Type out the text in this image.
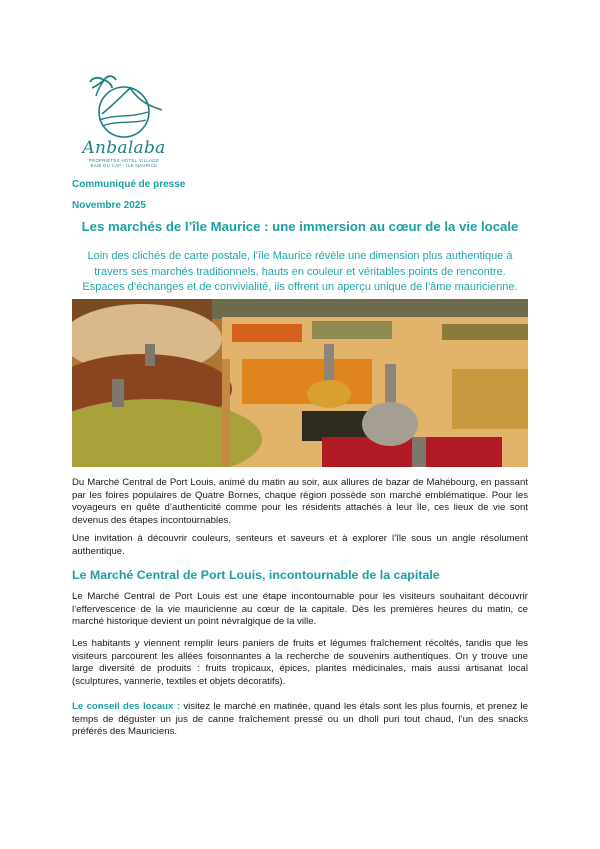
Anbalaba
PROPRIÉTÉS HOTEL VILLAGE
BAIE DU CAP · ÎLE MAURICE
Communiqué de presse
Novembre 2025
Les marchés de l’île Maurice : une immersion au cœur de la vie locale
Loin des clichés de carte postale, l’île Maurice révèle une dimension plus authentique à travers ses marchés traditionnels, hauts en couleur et véritables points de rencontre. Espaces d’échanges et de convivialité, ils offrent un aperçu unique de l’âme mauricienne.
Du Marché Central de Port Louis, animé du matin au soir, aux allures de bazar de Mahébourg, en passant par les foires populaires de Quatre Bornes, chaque région possède son marché emblématique. Pour les voyageurs en quête d’authenticité comme pour les résidents attachés à leur île, ces lieux de vie sont devenus des étapes incontournables.
Une invitation à découvrir couleurs, senteurs et saveurs et à explorer l’île sous un angle résolument authentique.
Le Marché Central de Port Louis, incontournable de la capitale
Le Marché Central de Port Louis est une étape incontournable pour les visiteurs souhaitant découvrir l’effervescence de la vie mauricienne au cœur de la capitale. Dès les premières heures du matin, ce marché historique devient un point névralgique de la ville.
Les habitants y viennent remplir leurs paniers de fruits et légumes fraîchement récoltés, tandis que les visiteurs parcourent les allées foisonnantes à la recherche de souvenirs authentiques. On y trouve une large diversité de produits : fruits tropicaux, épices, plantes médicinales, mais aussi artisanat local (sculptures, vannerie, textiles et objets décoratifs).
Le conseil des locaux : visitez le marché en matinée, quand les étals sont les plus fournis, et prenez le temps de déguster un jus de canne fraîchement pressé ou un dholl puri tout chaud, l’un des snacks préférés des Mauriciens.
